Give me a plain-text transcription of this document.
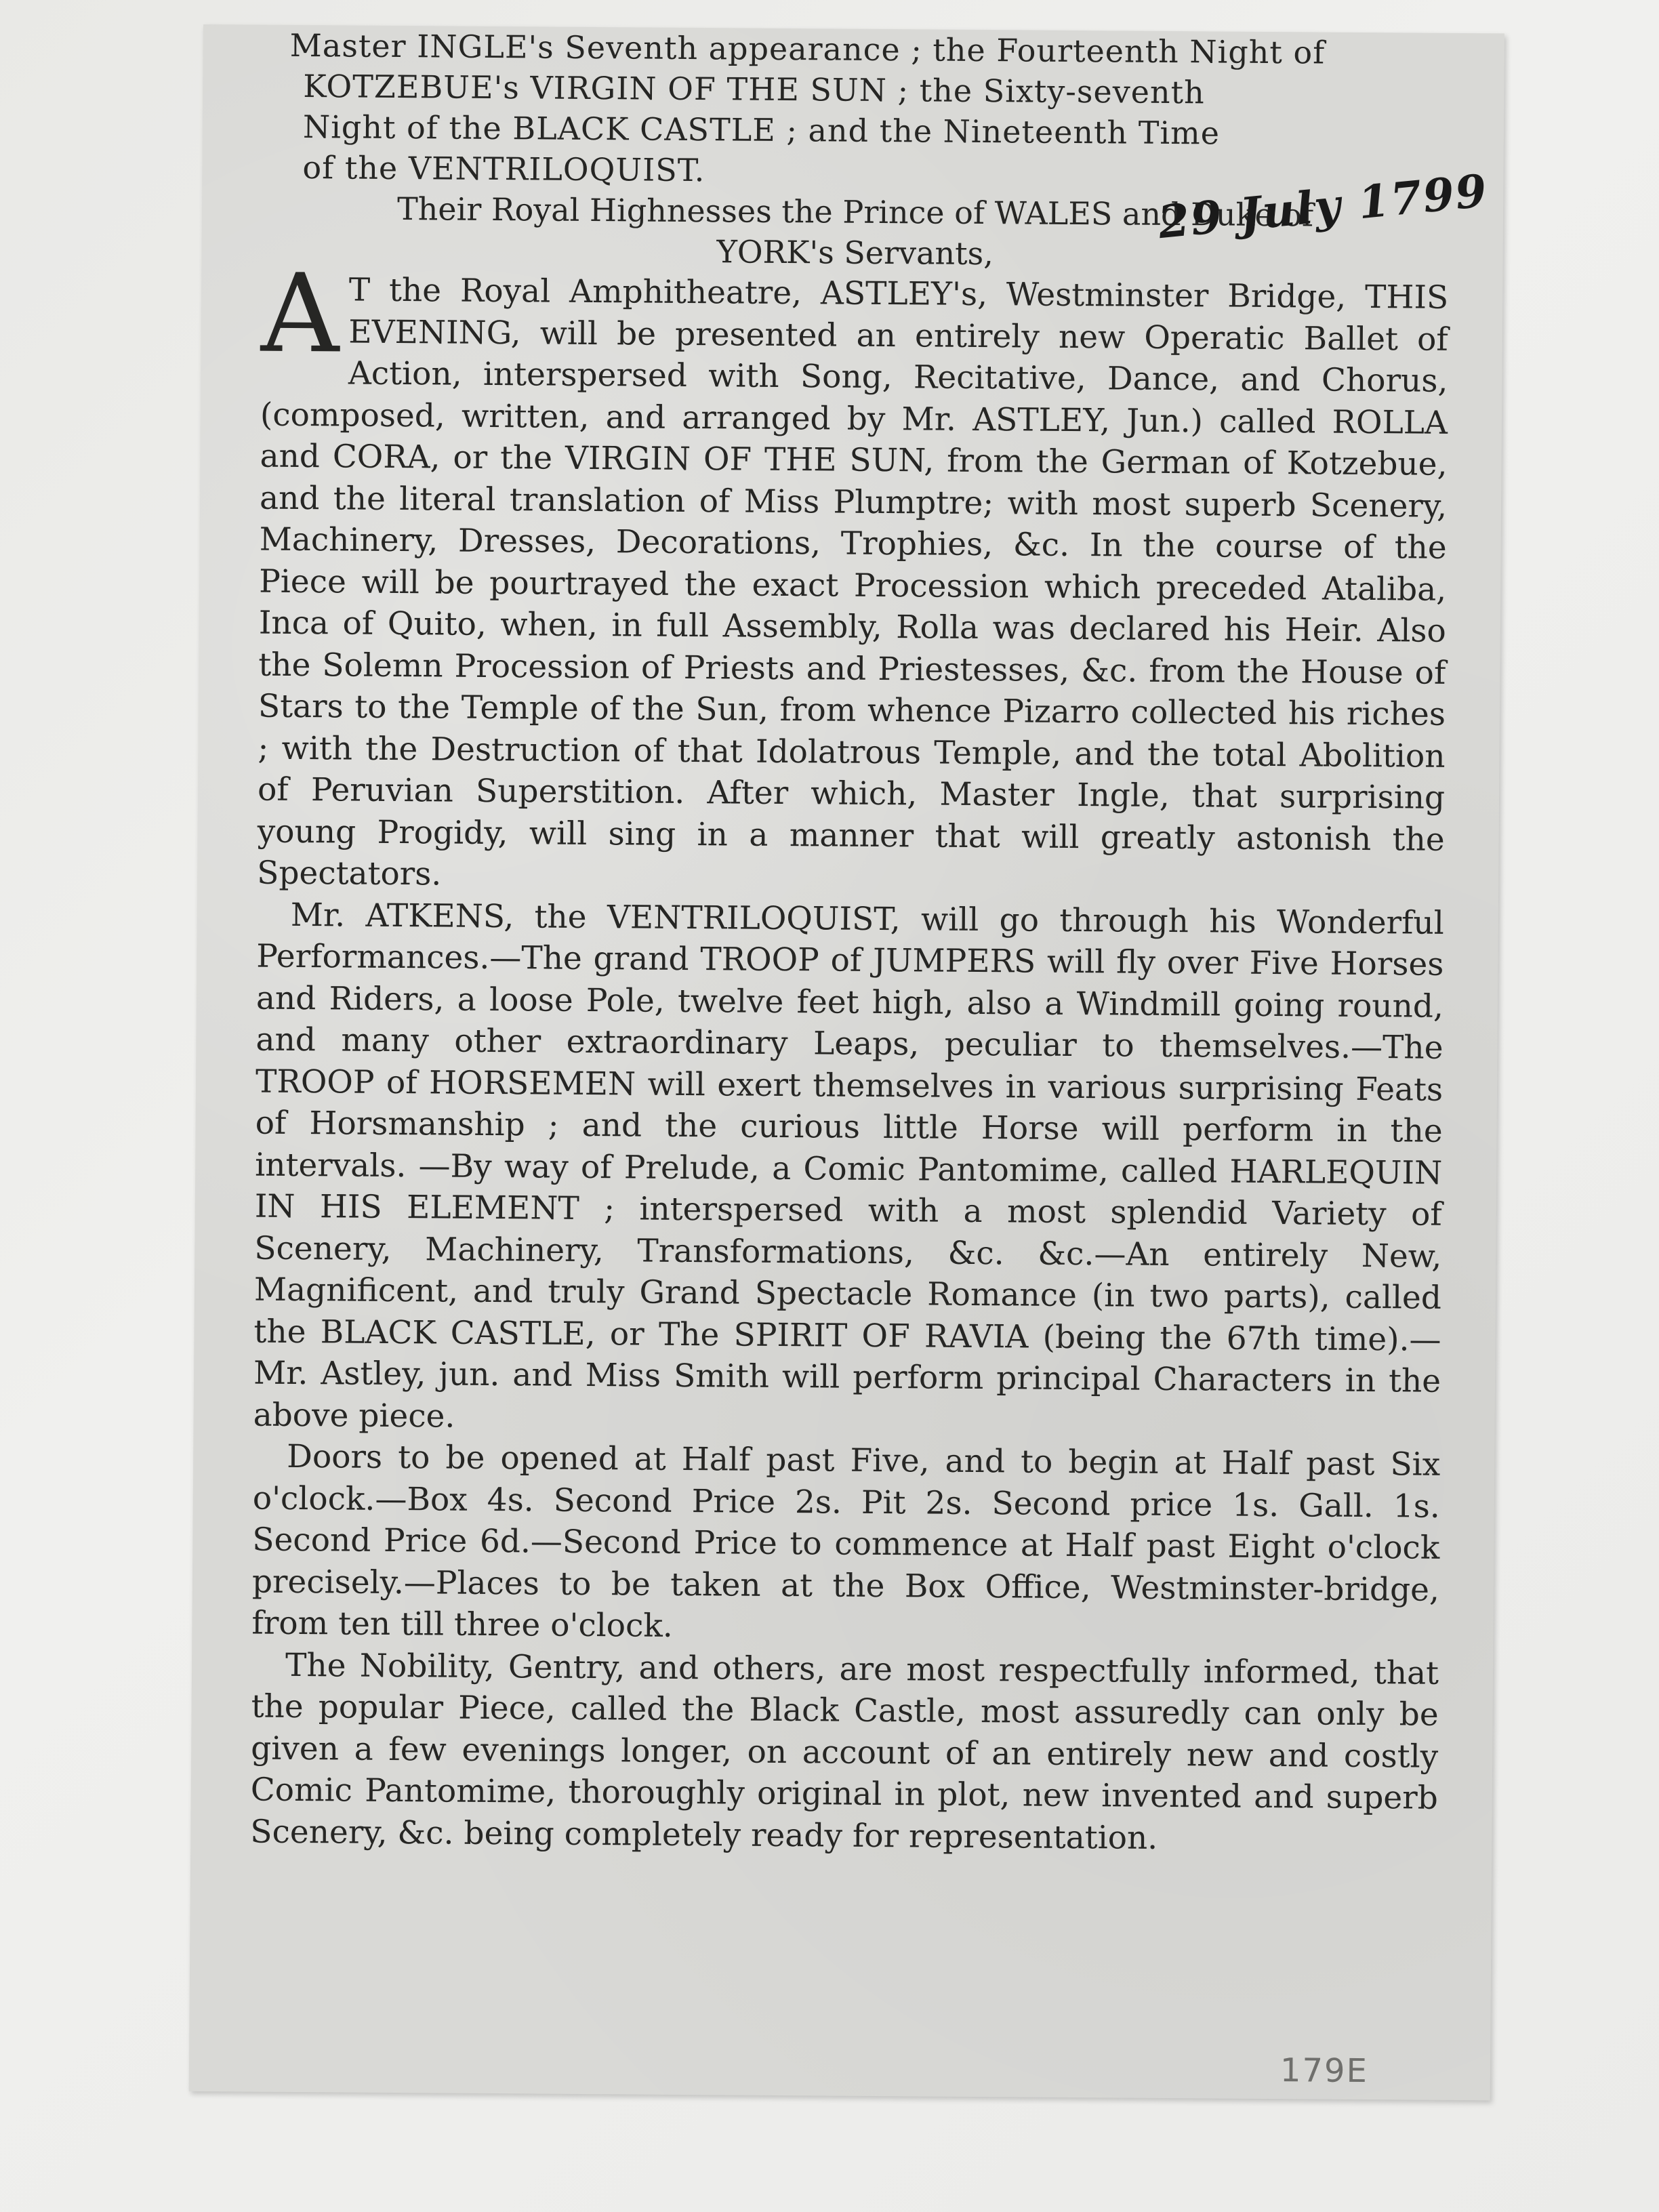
Master INGLE's Seventh appearance ; the Fourteenth Night of

KOTZEBUE's VIRGIN OF THE SUN ; the Sixty-seventh

Night of the BLACK CASTLE ; and the Nineteenth Time

of the VENTRILOQUIST.

Their Royal Highnesses the Prince of WALES and Duke of

YORK's Servants,

A T the Royal Amphitheatre, ASTLEY's, Westminster Bridge, THIS EVENING, will be presented an entirely new Operatic Ballet of Action, interspersed with Song, Recitative, Dance, and Chorus, (composed, written, and arranged by Mr. ASTLEY, Jun.) called ROLLA and CORA, or the VIRGIN OF THE SUN, from the German of Kotzebue, and the literal translation of Miss Plumptre; with most superb Scenery, Machinery, Dresses, Decorations, Trophies, &c. In the course of the Piece will be pourtrayed the exact Procession which preceded Ataliba, Inca of Quito, when, in full Assembly, Rolla was declared his Heir. Also the Solemn Procession of Priests and Priestesses, &c. from the House of Stars to the Temple of the Sun, from whence Pizarro collected his riches ; with the Destruction of that Idolatrous Temple, and the total Abolition of Peruvian Superstition. After which, Master Ingle, that surprising young Progidy, will sing in a manner that will greatly astonish the Spectators.

Mr. ATKENS, the VENTRILOQUIST, will go through his Wonderful Performances.—The grand TROOP of JUMPERS will fly over Five Horses and Riders, a loose Pole, twelve feet high, also a Windmill going round, and many other extraordinary Leaps, peculiar to themselves.—The TROOP of HORSEMEN will exert themselves in various surprising Feats of Horsmanship ; and the curious little Horse will perform in the intervals. —By way of Prelude, a Comic Pantomime, called HARLEQUIN IN HIS ELEMENT ; interspersed with a most splendid Variety of Scenery, Machinery, Transformations, &c. &c.—An entirely New, Magnificent, and truly Grand Spectacle Romance (in two parts), called the BLACK CASTLE, or The SPIRIT OF RAVIA (being the 67th time).—Mr. Astley, jun. and Miss Smith will perform principal Characters in the above piece.

Doors to be opened at Half past Five, and to begin at Half past Six o'clock.—Box 4s. Second Price 2s. Pit 2s. Second price 1s. Gall. 1s. Second Price 6d.—Second Price to commence at Half past Eight o'clock precisely.—Places to be taken at the Box Office, Westminster-bridge, from ten till three o'clock.

The Nobility, Gentry, and others, are most respectfully informed, that the popular Piece, called the Black Castle, most assuredly can only be given a few evenings longer, on account of an entirely new and costly Comic Pantomime, thoroughly original in plot, new invented and superb Scenery, &c. being completely ready for representation.

29 July 1799
179E
